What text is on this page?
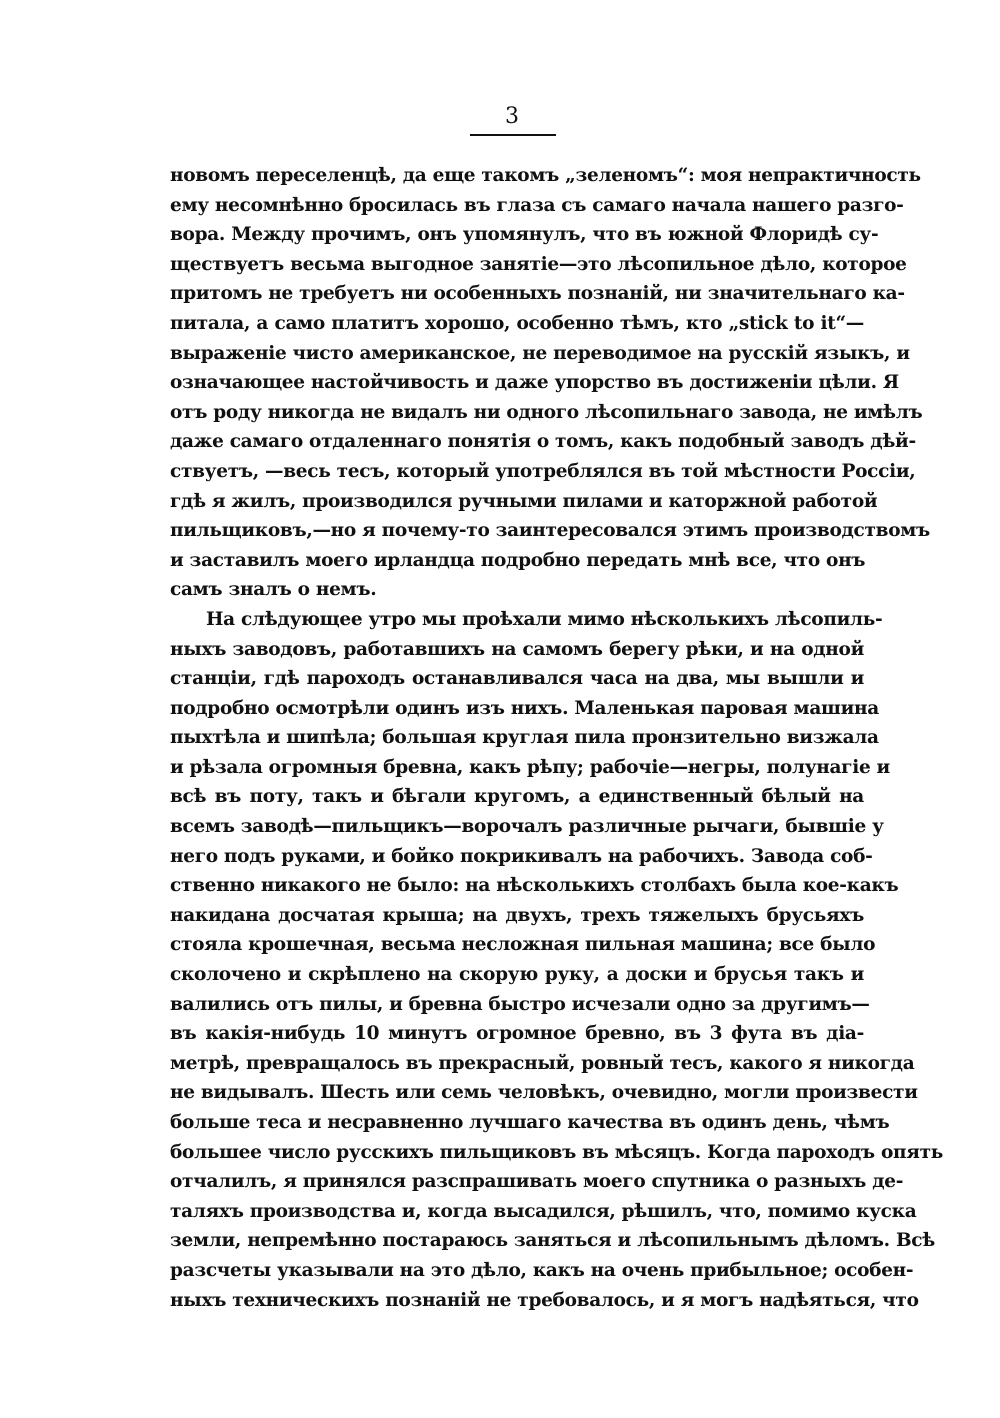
3
новомъ переселенцѣ, да еще такомъ „зеленомъ“: моя непрактичность
ему несомнѣнно бросилась въ глаза съ самаго начала нашего разго-
вора. Между прочимъ, онъ упомянулъ, что въ южной Флоридѣ су-
ществуетъ весьма выгодное занятіе—это лѣсопильное дѣло, которое
притомъ не требуетъ ни особенныхъ познаній, ни значительнаго ка-
питала, а само платитъ хорошо, особенно тѣмъ, кто „stick to it“—
выраженіе чисто американское, не переводимое на русскій языкъ, и
означающее настойчивость и даже упорство въ достиженіи цѣли. Я
отъ роду никогда не видалъ ни одного лѣсопильнаго завода, не имѣлъ
даже самаго отдаленнаго понятія о томъ, какъ подобный заводъ дѣй-
ствуетъ, —весь тесъ, который употреблялся въ той мѣстности Россіи,
гдѣ я жилъ, производился ручными пилами и каторжной работой
пильщиковъ,—но я почему-то заинтересовался этимъ производствомъ
и заставилъ моего ирландца подробно передать мнѣ все, что онъ
самъ зналъ о немъ.
На слѣдующее утро мы проѣхали мимо нѣсколькихъ лѣсопиль-
ныхъ заводовъ, работавшихъ на самомъ берегу рѣки, и на одной
станціи, гдѣ пароходъ останавливался часа на два, мы вышли и
подробно осмотрѣли одинъ изъ нихъ. Маленькая паровая машина
пыхтѣла и шипѣла; большая круглая пила пронзительно визжала
и рѣзала огромныя бревна, какъ рѣпу; рабочіе—негры, полунагіе и
всѣ въ поту, такъ и бѣгали кругомъ, а единственный бѣлый на
всемъ заводѣ—пильщикъ—ворочалъ различные рычаги, бывшіе у
него подъ руками, и бойко покрикивалъ на рабочихъ. Завода соб-
ственно никакого не было: на нѣсколькихъ столбахъ была кое-какъ
накидана досчатая крыша; на двухъ, трехъ тяжелыхъ брусьяхъ
стояла крошечная, весьма несложная пильная машина; все было
сколочено и скрѣплено на скорую руку, а доски и брусья такъ и
валились отъ пилы, и бревна быстро исчезали одно за другимъ—
въ какія-нибудь 10 минутъ огромное бревно, въ 3 фута въ діа-
метрѣ, превращалось въ прекрасный, ровный тесъ, какого я никогда
не видывалъ. Шесть или семь человѣкъ, очевидно, могли произвести
больше теса и несравненно лучшаго качества въ одинъ день, чѣмъ
большее число русскихъ пильщиковъ въ мѣсяцъ. Когда пароходъ опять
отчалилъ, я принялся разспрашивать моего спутника о разныхъ де-
таляхъ производства и, когда высадился, рѣшилъ, что, помимо куска
земли, непремѣнно постараюсь заняться и лѣсопильнымъ дѣломъ. Всѣ
разсчеты указывали на это дѣло, какъ на очень прибыльное; особен-
ныхъ техническихъ познаній не требовалось, и я могъ надѣяться, что
